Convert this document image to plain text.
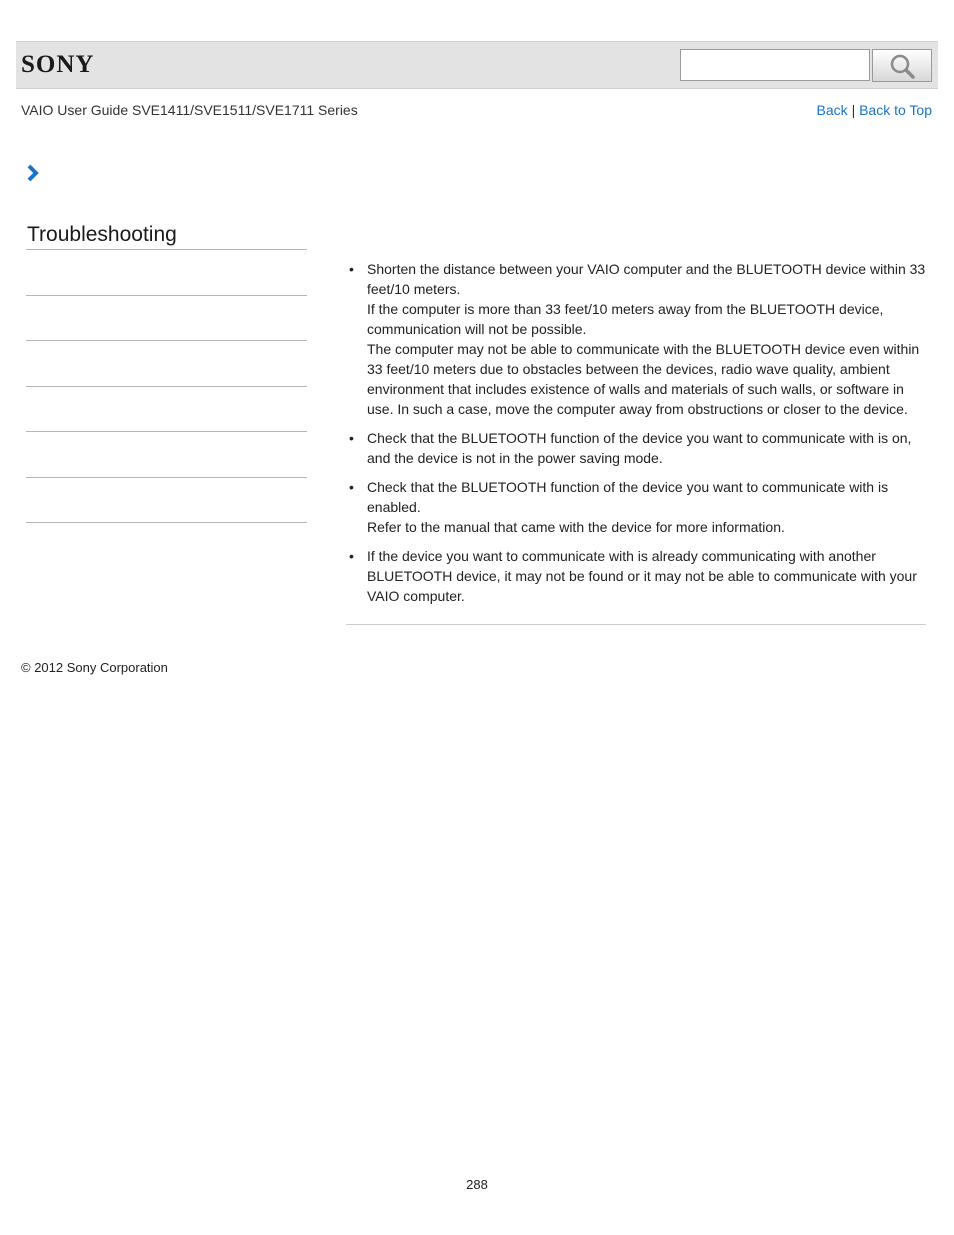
SONY
VAIO User Guide SVE1411/SVE1511/SVE1711 Series	Back | Back to Top
Troubleshooting
• Shorten the distance between your VAIO computer and the BLUETOOTH device within 33 feet/10 meters.

If the computer is more than 33 feet/10 meters away from the BLUETOOTH device, communication will not be possible.

The computer may not be able to communicate with the BLUETOOTH device even within 33 feet/10 meters due to obstacles between the devices, radio wave quality, ambient environment that includes existence of walls and materials of such walls, or software in use. In such a case, move the computer away from obstructions or closer to the device.

• Check that the BLUETOOTH function of the device you want to communicate with is on, and the device is not in the power saving mode.

• Check that the BLUETOOTH function of the device you want to communicate with is enabled.

Refer to the manual that came with the device for more information.

• If the device you want to communicate with is already communicating with another BLUETOOTH device, it may not be found or it may not be able to communicate with your VAIO computer.

© 2012 Sony Corporation
288
